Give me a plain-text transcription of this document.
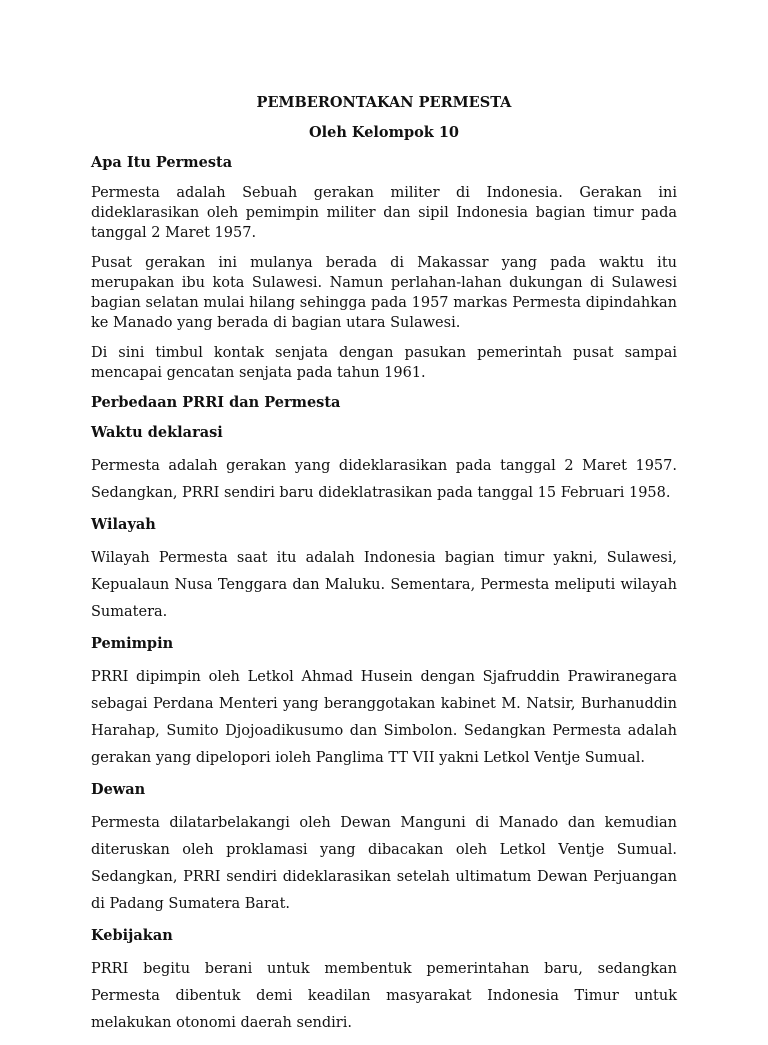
PEMBERONTAKAN PERMESTA
Oleh Kelompok 10
Apa Itu Permesta

Permesta adalah Sebuah gerakan militer di Indonesia. Gerakan ini dideklarasikan oleh pemimpin militer dan sipil Indonesia bagian timur pada tanggal 2 Maret 1957.

Pusat gerakan ini mulanya berada di Makassar yang pada waktu itu merupakan ibu kota Sulawesi. Namun perlahan-lahan dukungan di Sulawesi bagian selatan mulai hilang sehingga pada 1957 markas Permesta dipindahkan ke Manado yang berada di bagian utara Sulawesi.

Di sini timbul kontak senjata dengan pasukan pemerintah pusat sampai mencapai gencatan senjata pada tahun 1961.

Perbedaan PRRI dan Permesta
Waktu deklarasi

Permesta adalah gerakan yang dideklarasikan pada tanggal 2 Maret 1957. Sedangkan, PRRI sendiri baru dideklatrasikan pada tanggal 15 Februari 1958.

Wilayah

Wilayah Permesta saat itu adalah Indonesia bagian timur yakni, Sulawesi, Kepualaun Nusa Tenggara dan Maluku. Sementara, Permesta meliputi wilayah Sumatera.

Pemimpin

PRRI dipimpin oleh Letkol Ahmad Husein dengan Sjafruddin Prawiranegara sebagai Perdana Menteri yang beranggotakan kabinet M. Natsir, Burhanuddin Harahap, Sumito Djojoadikusumo dan Simbolon. Sedangkan Permesta adalah gerakan yang dipelopori ioleh Panglima TT VII yakni Letkol Ventje Sumual.

Dewan

Permesta dilatarbelakangi oleh Dewan Manguni di Manado dan kemudian diteruskan oleh proklamasi yang dibacakan oleh Letkol Ventje Sumual. Sedangkan, PRRI sendiri dideklarasikan setelah ultimatum Dewan Perjuangan di Padang Sumatera Barat.

Kebijakan

PRRI begitu berani untuk membentuk pemerintahan baru, sedangkan Permesta dibentuk demi keadilan masyarakat Indonesia Timur untuk melakukan otonomi daerah sendiri.
